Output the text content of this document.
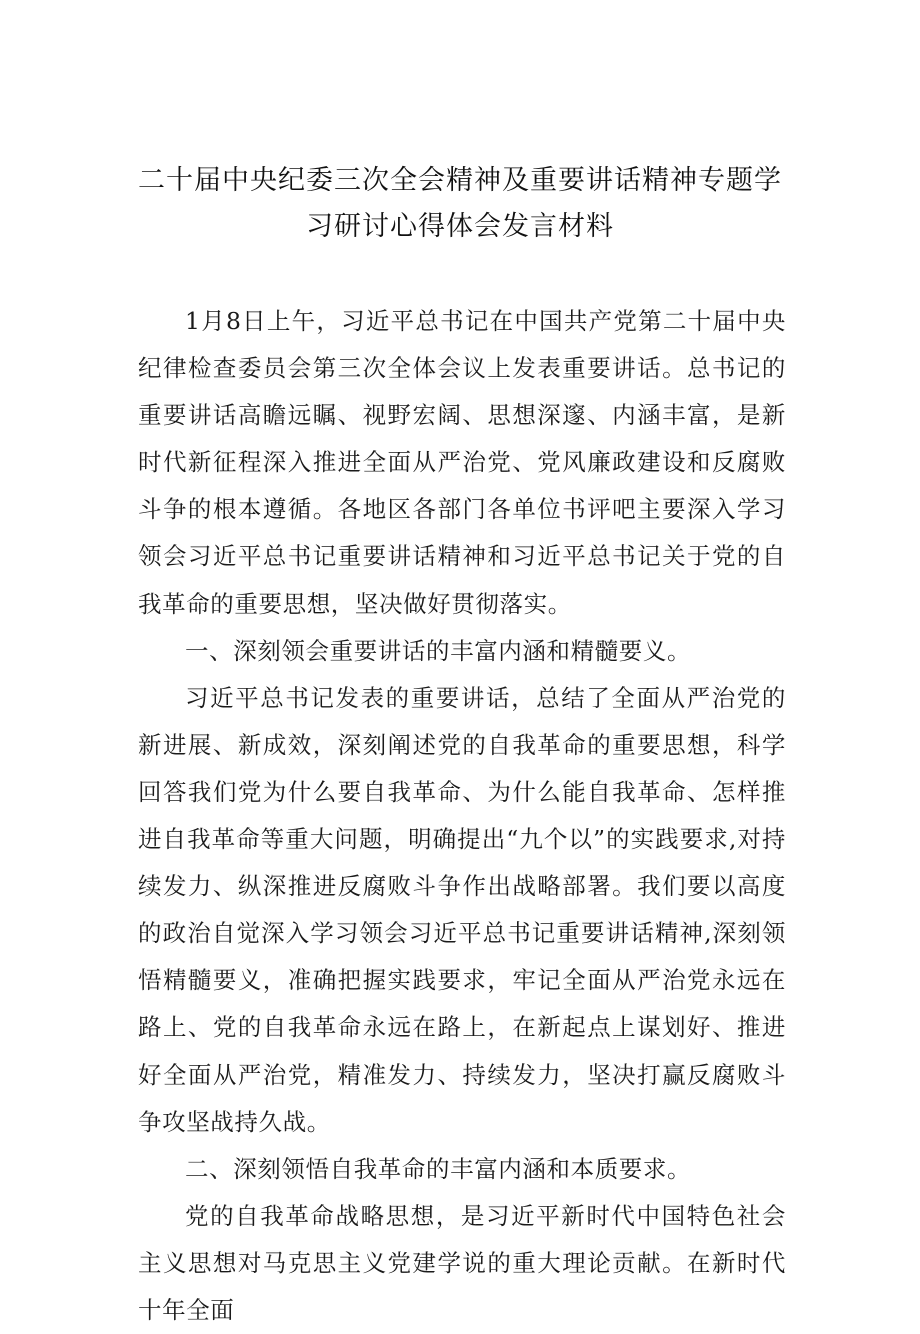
二十届中央纪委三次全会精神及重要讲话精神专题学
习研讨心得体会发言材料

1月8日上午，习近平总书记在中国共产党第二十届中央纪律检查委员会第三次全体会议上发表重要讲话。总书记的重要讲话高瞻远瞩、视野宏阔、思想深邃、内涵丰富，是新时代新征程深入推进全面从严治党、党风廉政建设和反腐败斗争的根本遵循。各地区各部门各单位书评吧主要深入学习领会习近平总书记重要讲话精神和习近平总书记关于党的自我革命的重要思想，坚决做好贯彻落实。

一、深刻领会重要讲话的丰富内涵和精髓要义。

习近平总书记发表的重要讲话，总结了全面从严治党的新进展、新成效，深刻阐述党的自我革命的重要思想，科学回答我们党为什么要自我革命、为什么能自我革命、怎样推进自我革命等重大问题，明确提出“九个以”的实践要求,对持续发力、纵深推进反腐败斗争作出战略部署。我们要以高度的政治自觉深入学习领会习近平总书记重要讲话精神,深刻领悟精髓要义，准确把握实践要求，牢记全面从严治党永远在路上、党的自我革命永远在路上，在新起点上谋划好、推进好全面从严治党，精准发力、持续发力，坚决打赢反腐败斗争攻坚战持久战。

二、深刻领悟自我革命的丰富内涵和本质要求。

党的自我革命战略思想，是习近平新时代中国特色社会主义思想对马克思主义党建学说的重大理论贡献。在新时代十年全面
